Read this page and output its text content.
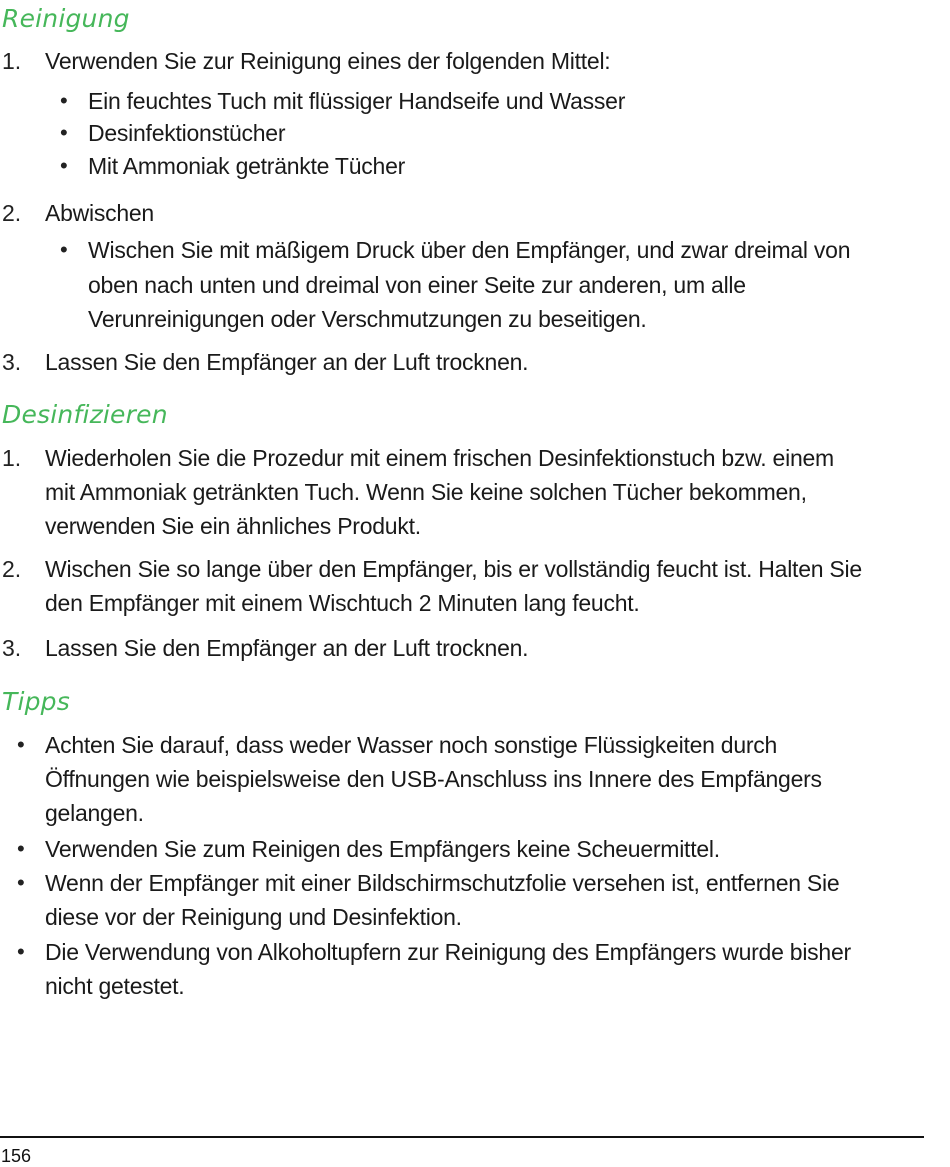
Reinigung
1. Verwenden Sie zur Reinigung eines der folgenden Mittel:
• Ein feuchtes Tuch mit flüssiger Handseife und Wasser
• Desinfektionstücher
• Mit Ammoniak getränkte Tücher
2. Abwischen
• Wischen Sie mit mäßigem Druck über den Empfänger, und zwar dreimal von
oben nach unten und dreimal von einer Seite zur anderen, um alle
Verunreinigungen oder Verschmutzungen zu beseitigen.
3. Lassen Sie den Empfänger an der Luft trocknen.
Desinfizieren
1. Wiederholen Sie die Prozedur mit einem frischen Desinfektionstuch bzw. einem
mit Ammoniak getränkten Tuch. Wenn Sie keine solchen Tücher bekommen,
verwenden Sie ein ähnliches Produkt.
2. Wischen Sie so lange über den Empfänger, bis er vollständig feucht ist. Halten Sie
den Empfänger mit einem Wischtuch 2 Minuten lang feucht.
3. Lassen Sie den Empfänger an der Luft trocknen.
Tipps
• Achten Sie darauf, dass weder Wasser noch sonstige Flüssigkeiten durch
Öffnungen wie beispielsweise den USB-Anschluss ins Innere des Empfängers
gelangen.
• Verwenden Sie zum Reinigen des Empfängers keine Scheuermittel.
• Wenn der Empfänger mit einer Bildschirmschutzfolie versehen ist, entfernen Sie
diese vor der Reinigung und Desinfektion.
• Die Verwendung von Alkoholtupfern zur Reinigung des Empfängers wurde bisher
nicht getestet.
156
